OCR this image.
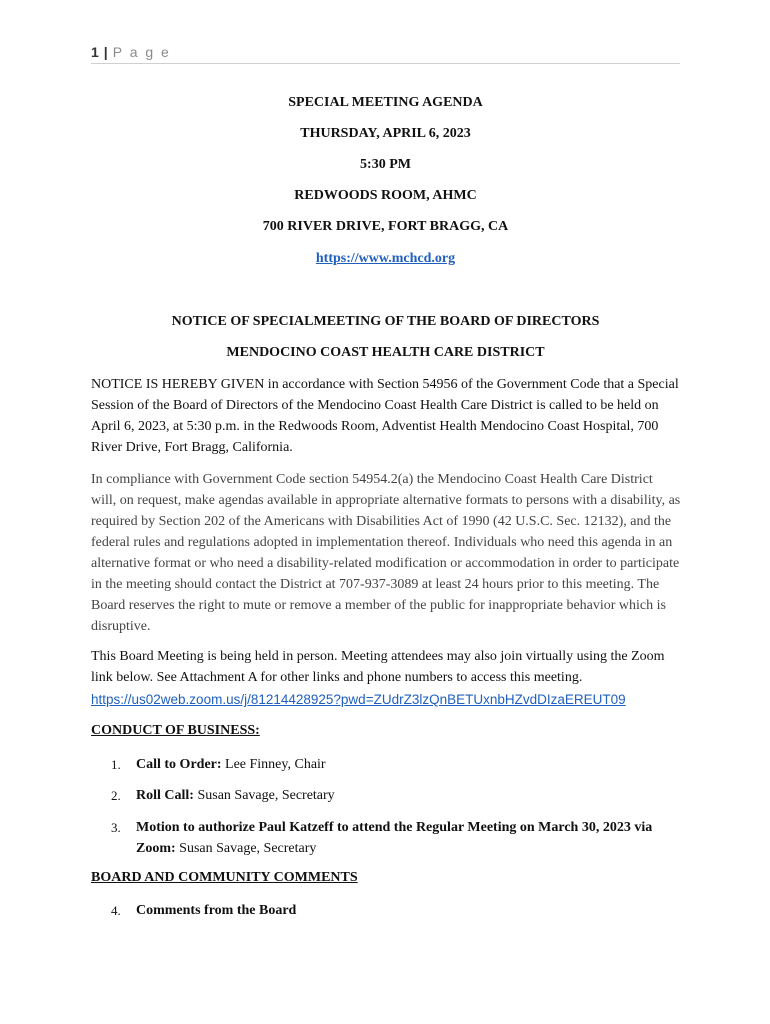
1 | P a g e
SPECIAL MEETING AGENDA
THURSDAY, APRIL 6, 2023
5:30 PM
REDWOODS ROOM, AHMC
700 RIVER DRIVE, FORT BRAGG, CA
https://www.mchcd.org
NOTICE OF SPECIALMEETING OF THE BOARD OF DIRECTORS
MENDOCINO COAST HEALTH CARE DISTRICT
NOTICE IS HEREBY GIVEN in accordance with Section 54956 of the Government Code that a Special Session of the Board of Directors of the Mendocino Coast Health Care District is called to be held on April 6, 2023, at 5:30 p.m. in the Redwoods Room, Adventist Health Mendocino Coast Hospital, 700 River Drive, Fort Bragg, California.
In compliance with Government Code section 54954.2(a) the Mendocino Coast Health Care District will, on request, make agendas available in appropriate alternative formats to persons with a disability, as required by Section 202 of the Americans with Disabilities Act of 1990 (42 U.S.C. Sec. 12132), and the federal rules and regulations adopted in implementation thereof. Individuals who need this agenda in an alternative format or who need a disability-related modification or accommodation in order to participate in the meeting should contact the District at 707-937-3089 at least 24 hours prior to this meeting. The Board reserves the right to mute or remove a member of the public for inappropriate behavior which is disruptive.
This Board Meeting is being held in person. Meeting attendees may also join virtually using the Zoom link below. See Attachment A for other links and phone numbers to access this meeting.
https://us02web.zoom.us/j/81214428925?pwd=ZUdrZ3lzQnBETUxnbHZvdDIzaEREUT09
CONDUCT OF BUSINESS:
1.	Call to Order: Lee Finney, Chair
2.	Roll Call: Susan Savage, Secretary
3.	Motion to authorize Paul Katzeff to attend the Regular Meeting on March 30, 2023 via Zoom: Susan Savage, Secretary
BOARD AND COMMUNITY COMMENTS
4.	Comments from the Board
